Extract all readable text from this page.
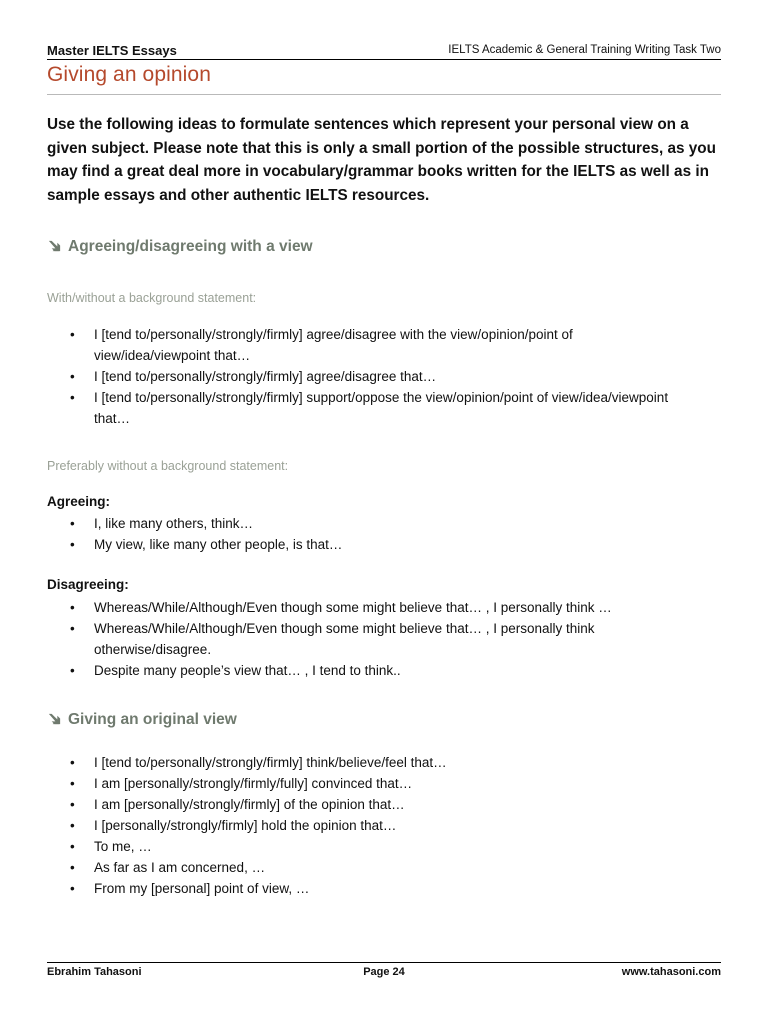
Master IELTS Essays	IELTS Academic & General Training Writing Task Two
Giving an opinion
Use the following ideas to formulate sentences which represent your personal view on a given subject. Please note that this is only a small portion of the possible structures, as you may find a great deal more in vocabulary/grammar books written for the IELTS as well as in sample essays and other authentic IELTS resources.
Agreeing/disagreeing with a view
With/without a background statement:
• I [tend to/personally/strongly/firmly] agree/disagree with the view/opinion/point of view/idea/viewpoint that…
• I [tend to/personally/strongly/firmly] agree/disagree that…
• I [tend to/personally/strongly/firmly] support/oppose the view/opinion/point of view/idea/viewpoint that…
Preferably without a background statement:
Agreeing:
• I, like many others, think…
• My view, like many other people, is that…
Disagreeing:
• Whereas/While/Although/Even though some might believe that… , I personally think …
• Whereas/While/Although/Even though some might believe that… , I personally think otherwise/disagree.
• Despite many people’s view that… , I tend to think..
Giving an original view
• I [tend to/personally/strongly/firmly] think/believe/feel that…
• I am [personally/strongly/firmly/fully] convinced that…
• I am [personally/strongly/firmly] of the opinion that…
• I [personally/strongly/firmly] hold the opinion that…
• To me, …
• As far as I am concerned, …
• From my [personal] point of view, …
Ebrahim Tahasoni	Page 24	www.tahasoni.com
